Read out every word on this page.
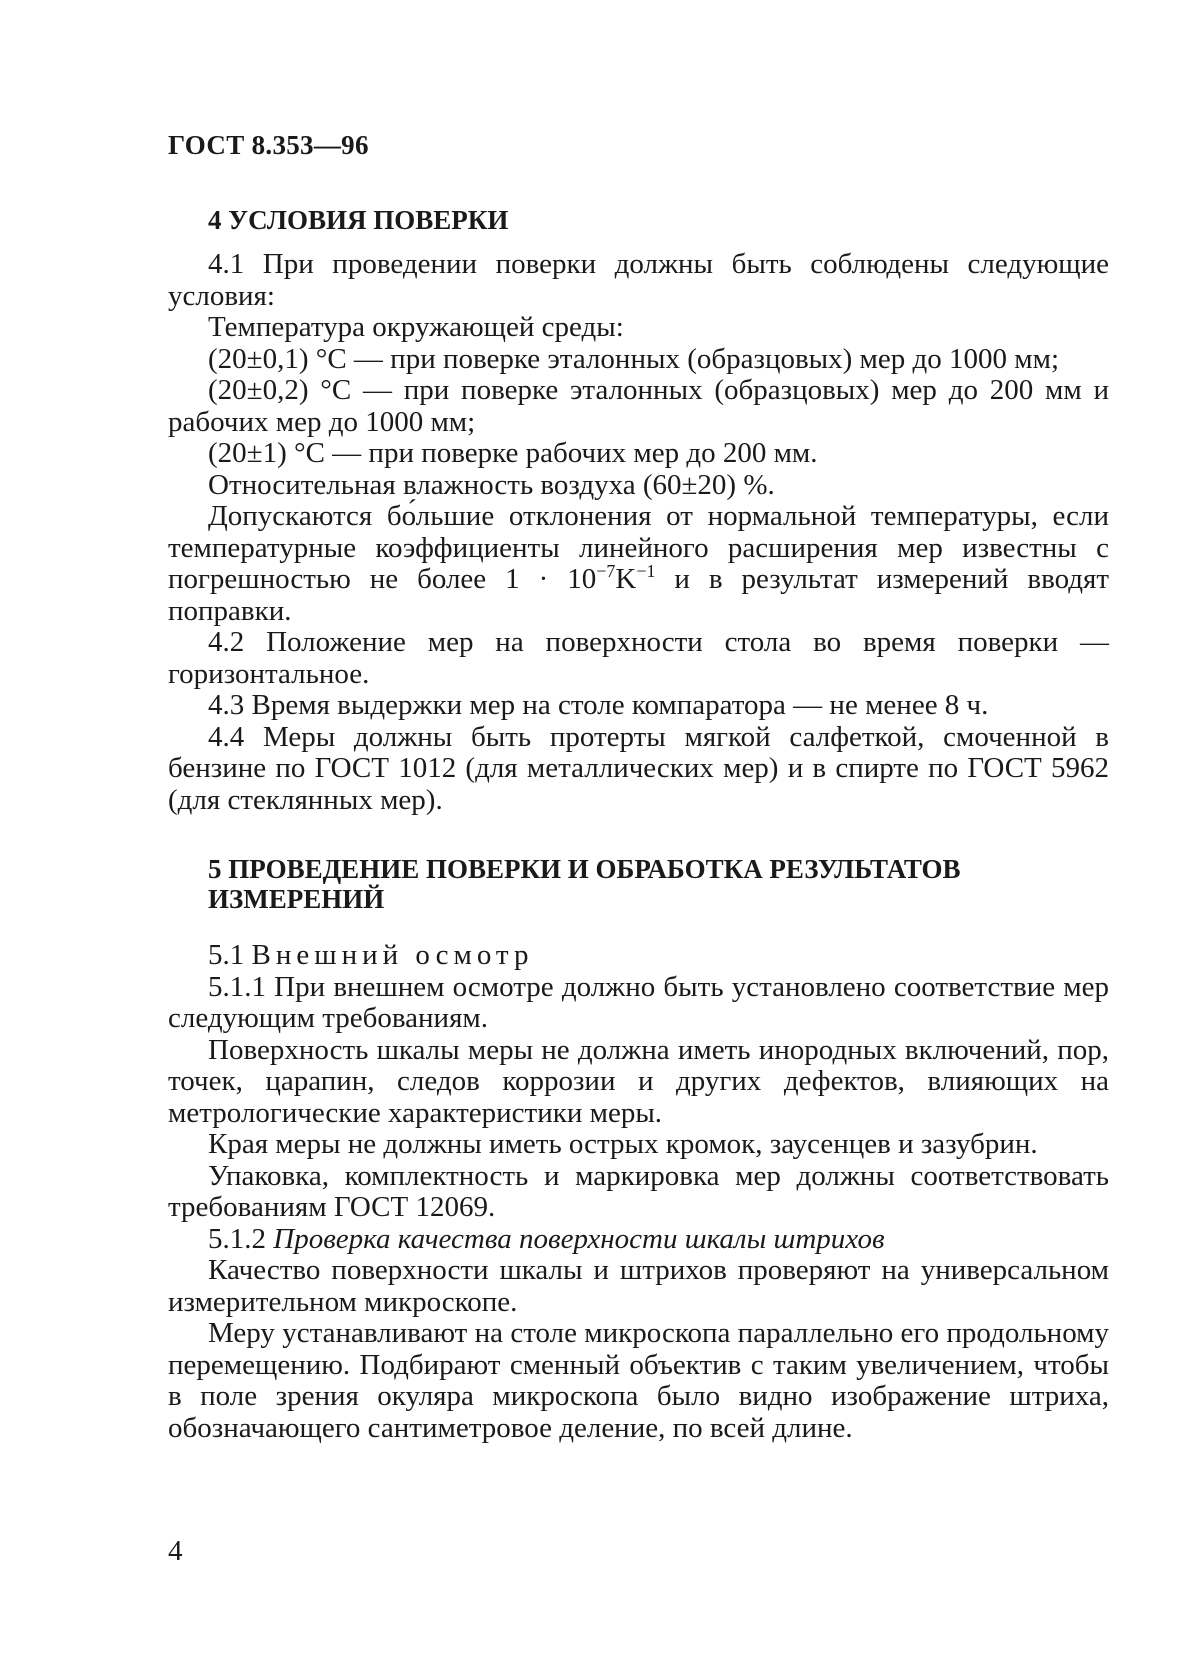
ГОСТ 8.353—96
4 УСЛОВИЯ ПОВЕРКИ

4.1 При проведении поверки должны быть соблюдены следующие условия:

Температура окружающей среды:

(20±0,1) °C — при поверке эталонных (образцовых) мер до 1000 мм;

(20±0,2) °C — при поверке эталонных (образцовых) мер до 200 мм и рабочих мер до 1000 мм;

(20±1) °C — при поверке рабочих мер до 200 мм.

Относительная влажность воздуха (60±20) %.

Допускаются бо́льшие отклонения от нормальной температуры, если температурные коэффициенты линейного расширения мер известны с погрешностью не более $1 \cdot 10^{-7}K^{-1}$ и в результат измерений вводят поправки.

4.2 Положение мер на поверхности стола во время поверки — горизонтальное.

4.3 Время выдержки мер на столе компаратора — не менее 8 ч.

4.4 Меры должны быть протерты мягкой салфеткой, смоченной в бензине по ГОСТ 1012 (для металлических мер) и в спирте по ГОСТ 5962 (для стеклянных мер).

5 ПРОВЕДЕНИЕ ПОВЕРКИ И ОБРАБОТКА РЕЗУЛЬТАТОВ ИЗМЕРЕНИЙ

5.1 Внешний осмотр

5.1.1 При внешнем осмотре должно быть установлено соответствие мер следующим требованиям.

Поверхность шкалы меры не должна иметь инородных включений, пор, точек, царапин, следов коррозии и других дефектов, влияющих на метрологические характеристики меры.

Края меры не должны иметь острых кромок, заусенцев и зазубрин.

Упаковка, комплектность и маркировка мер должны соответствовать требованиям ГОСТ 12069.

5.1.2 Проверка качества поверхности шкалы штрихов

Качество поверхности шкалы и штрихов проверяют на универсальном измерительном микроскопе.

Меру устанавливают на столе микроскопа параллельно его продольному перемещению. Подбирают сменный объектив с таким увеличением, чтобы в поле зрения окуляра микроскопа было видно изображение штриха, обозначающего сантиметровое деление, по всей длине.

4
